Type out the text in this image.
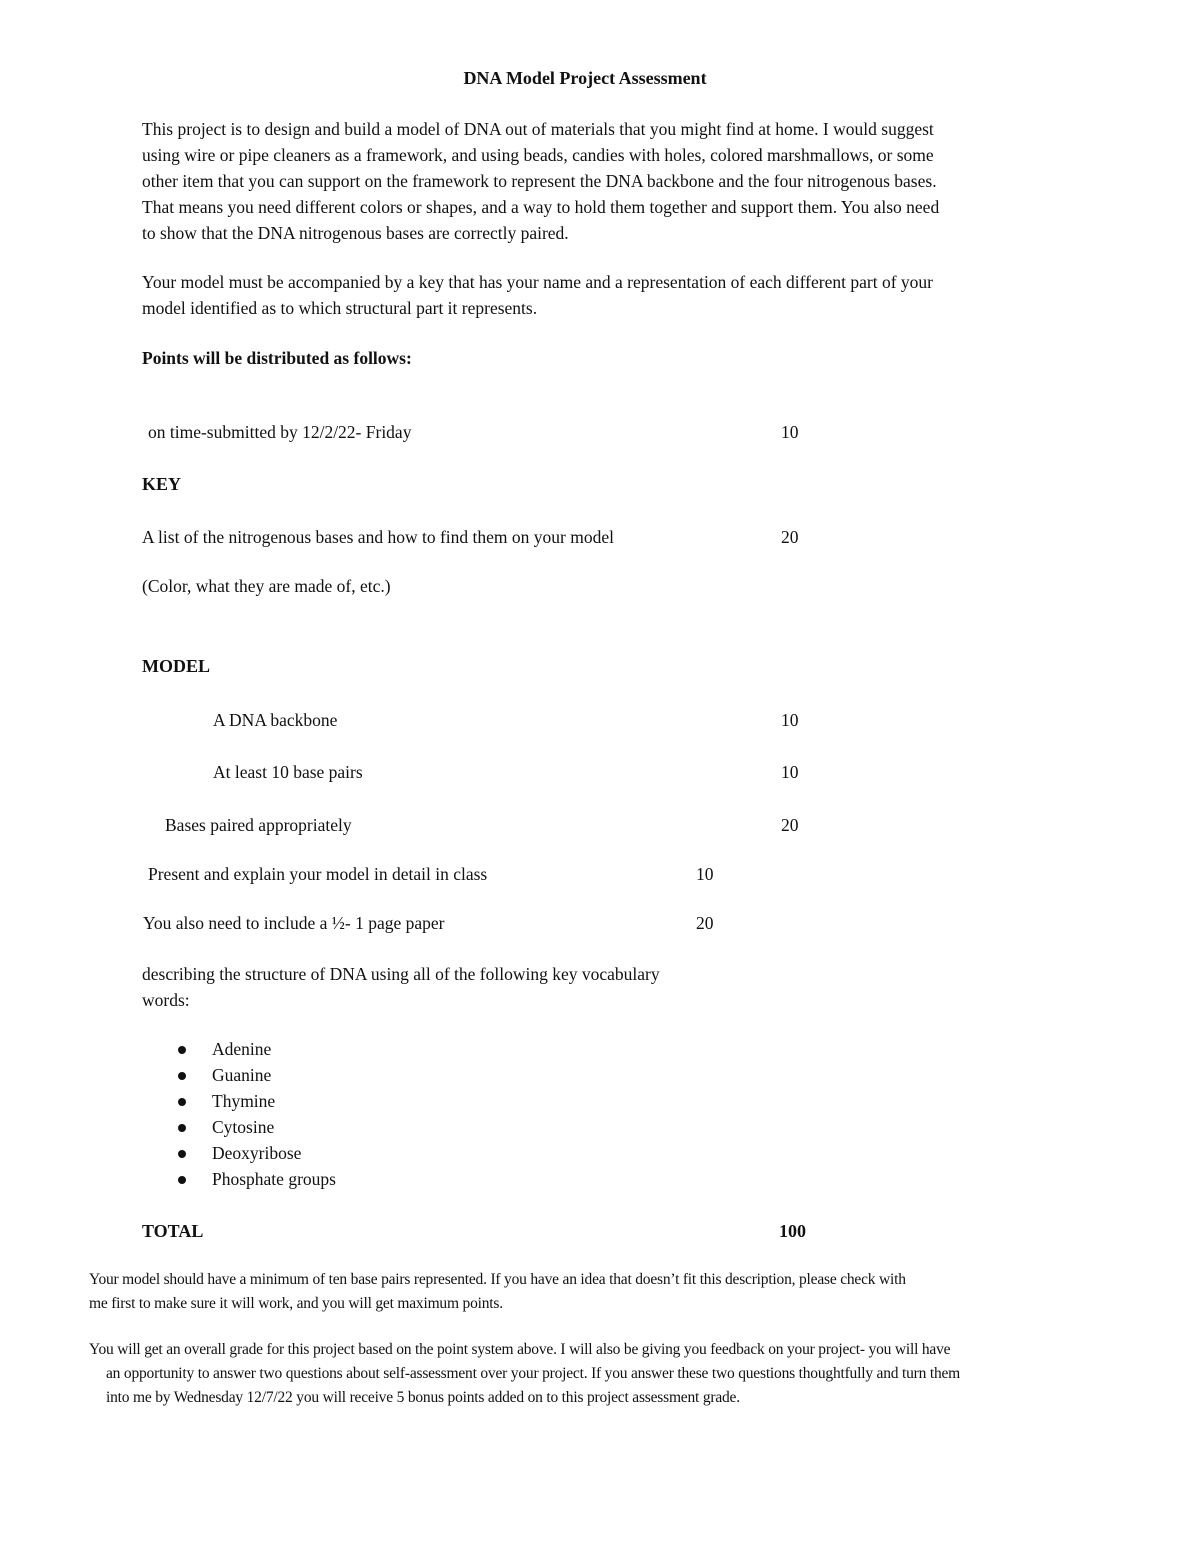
DNA Model Project Assessment
This project is to design and build a model of DNA out of materials that you might find at home. I would suggest
using wire or pipe cleaners as a framework, and using beads, candies with holes, colored marshmallows, or some
other item that you can support on the framework to represent the DNA backbone and the four nitrogenous bases.
That means you need different colors or shapes, and a way to hold them together and support them. You also need
to show that the DNA nitrogenous bases are correctly paired.
Your model must be accompanied by a key that has your name and a representation of each different part of your
model identified as to which structural part it represents.
Points will be distributed as follows:
on time-submitted by 12/2/22- Friday	10
KEY
A list of the nitrogenous bases and how to find them on your model	20
(Color, what they are made of, etc.)
MODEL
A DNA backbone	10
At least 10 base pairs	10
Bases paired appropriately	20
Present and explain your model in detail in class	10
You also need to include a ½- 1 page paper	20
describing the structure of DNA using all of the following key vocabulary
words:
Adenine
Guanine
Thymine
Cytosine
Deoxyribose
Phosphate groups
TOTAL	100
Your model should have a minimum of ten base pairs represented. If you have an idea that doesn’t fit this description, please check with
me first to make sure it will work, and you will get maximum points.
You will get an overall grade for this project based on the point system above. I will also be giving you feedback on your project- you will have
an opportunity to answer two questions about self-assessment over your project. If you answer these two questions thoughtfully and turn them
into me by Wednesday 12/7/22 you will receive 5 bonus points added on to this project assessment grade.
